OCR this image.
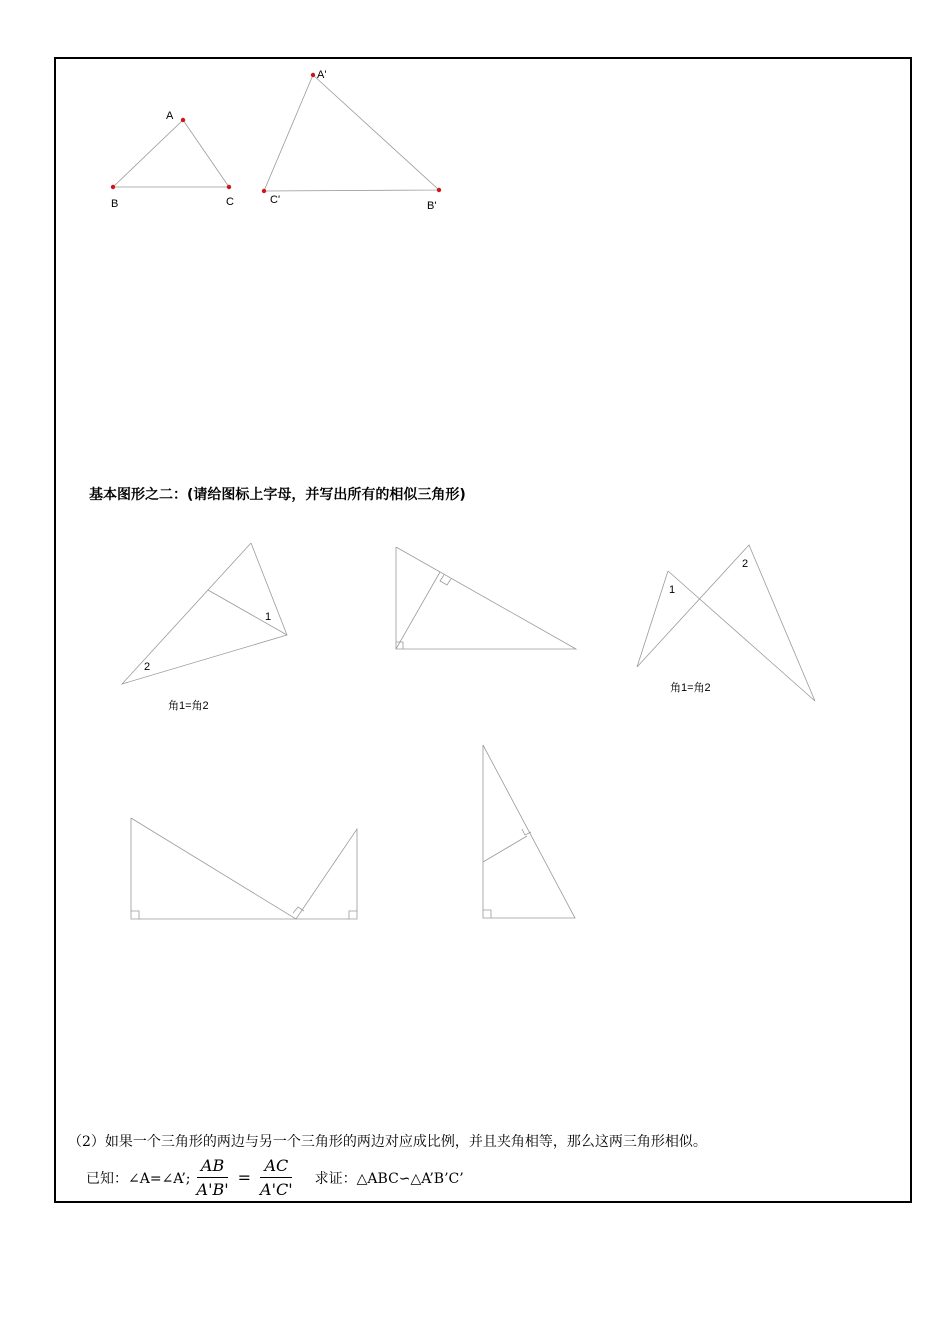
A
B	C
A'
C'	B'
1
2
角1=角2
1
2
角1=角2
基本图形之二：(请给图标上字母，并写出所有的相似三角形)
（2）如果一个三角形的两边与另一个三角形的两边对应成比例，并且夹角相等，那么这两三角形相似。
已知：∠A=∠A’; $\frac{AB}{A'B'} = \frac{AC}{A'C'}$ 求证：△ABC∽△A’B’C’
